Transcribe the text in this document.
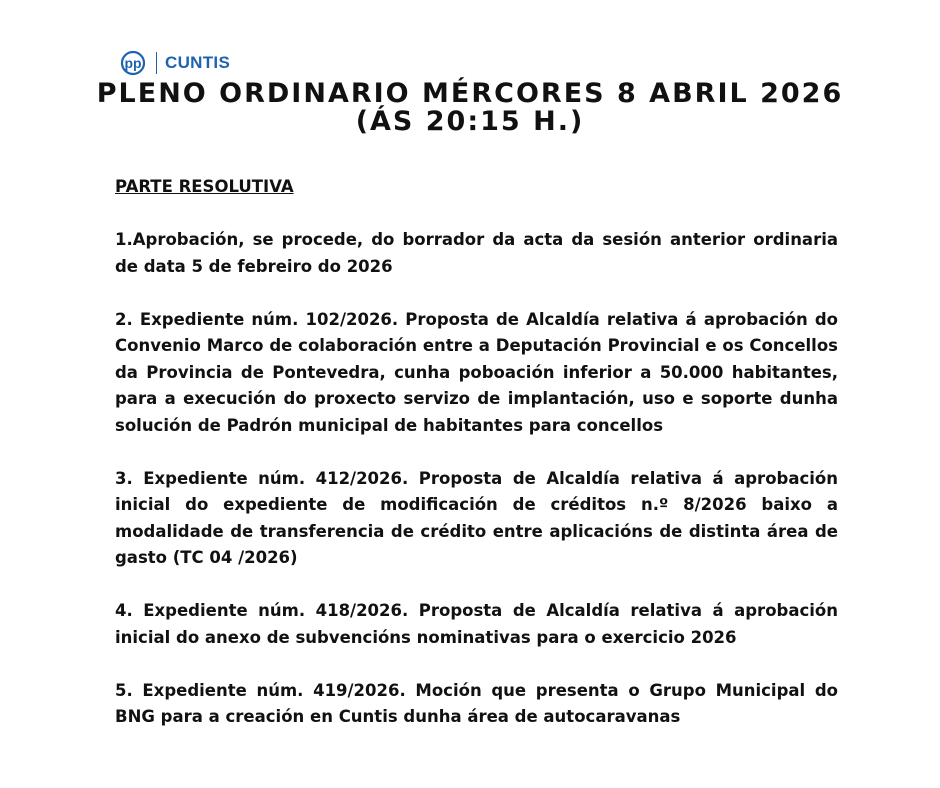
pp CUNTIS
PLENO ORDINARIO MÉRCORES 8 ABRIL 2026
(ÁS 20:15 H.)
PARTE RESOLUTIVA
1.Aprobación, se procede, do borrador da acta da sesión anterior ordinaria de data 5 de febreiro do 2026
2. Expediente núm. 102/2026. Proposta de Alcaldía relativa á aprobación do Convenio Marco de colaboración entre a Deputación Provincial e os Concellos da Provincia de Pontevedra, cunha poboación inferior a 50.000 habitantes, para a execución do proxecto servizo de implantación, uso e soporte dunha solución de Padrón municipal de habitantes para concellos
3. Expediente núm. 412/2026. Proposta de Alcaldía relativa á aprobación inicial do expediente de modificación de créditos n.º 8/2026 baixo a modalidade de transferencia de crédito entre aplicacións de distinta área de gasto (TC 04 /2026)
4. Expediente núm. 418/2026. Proposta de Alcaldía relativa á aprobación inicial do anexo de subvencións nominativas para o exercicio 2026
5. Expediente núm. 419/2026. Moción que presenta o Grupo Municipal do BNG para a creación en Cuntis dunha área de autocaravanas
